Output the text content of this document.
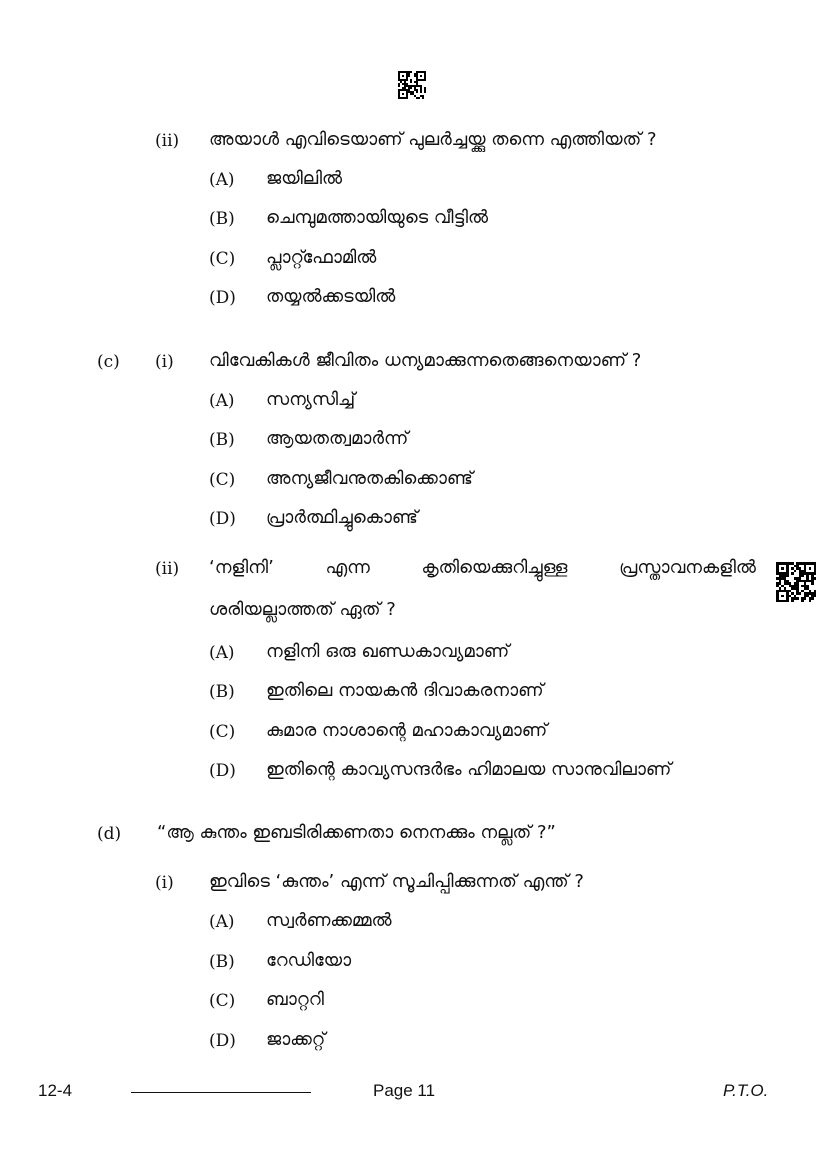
(ii) അയാൾ എവിടെയാണ് പുലർച്ചയ്ക്കു തന്നെ എത്തിയത് ?
(A) ജയിലിൽ
(B) ചെമ്പുമത്തായിയുടെ വീട്ടിൽ
(C) പ്ലാറ്റ്ഫോമിൽ
(D) തയ്യൽക്കടയിൽ
(c) (i) വിവേകികൾ ജീവിതം ധന്യമാക്കുന്നതെങ്ങനെയാണ് ?
(A) സന്യസിച്ച്
(B) ആയതത്വമാർന്ന്
(C) അന്യജീവനുതകിക്കൊണ്ട്
(D) പ്രാർത്ഥിച്ചുകൊണ്ട്
(ii) ‘നളിനി’	എന്ന	കൃതിയെക്കുറിച്ചുള്ള	പ്രസ്താവനകളിൽ
ശരിയല്ലാത്തത് ഏത് ?
(A) നളിനി ഒരു ഖണ്ഡകാവ്യമാണ്
(B) ഇതിലെ നായകൻ ദിവാകരനാണ്
(C) കുമാര നാശാന്റെ മഹാകാവ്യമാണ്
(D) ഇതിന്റെ കാവ്യസന്ദർഭം ഹിമാലയ സാനുവിലാണ്
(d) “ആ കുന്തം ഇബടിരിക്കണതാ നെനക്കും നല്ലത് ?”
(i) ഇവിടെ ‘കുന്തം’ എന്ന് സൂചിപ്പിക്കുന്നത് എന്ത് ?
(A) സ്വർണക്കമ്മൽ
(B) റേഡിയോ
(C) ബാറ്ററി
(D) ജാക്കറ്റ്
12-4	Page 11	P.T.O.
